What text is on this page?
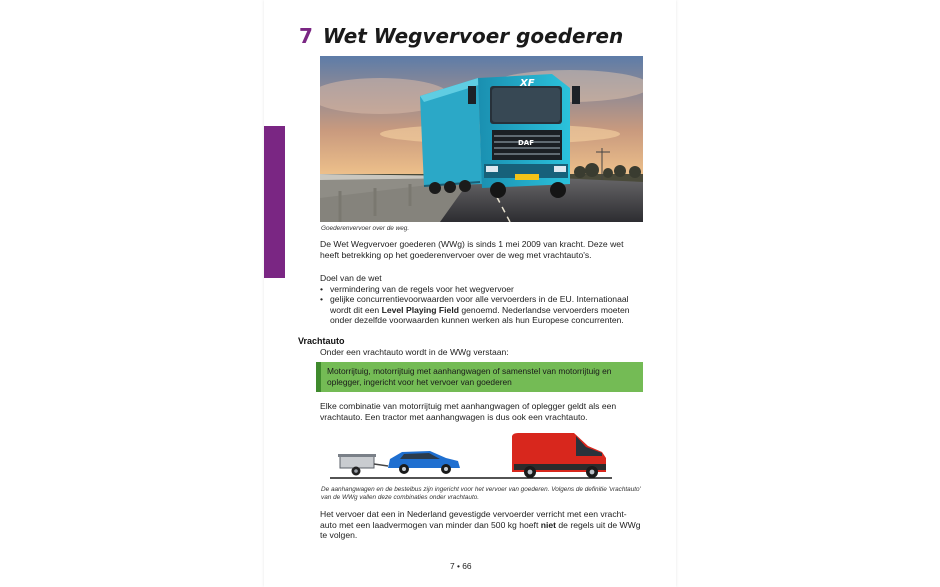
7 Wet Wegvervoer goederen
XF
DAF
Goederenvervoer over de weg.
De Wet Wegvervoer goederen (WWg) is sinds 1 mei 2009 van kracht. Deze wet heeft betrekking op het goederenvervoer over de weg met vrachtauto's.
Doel van de wet
• vermindering van de regels voor het wegvervoer
• gelijke concurrentievoorwaarden voor alle vervoerders in de EU. Internationaal wordt dit een Level Playing Field genoemd. Nederlandse vervoerders moeten onder dezelfde voorwaarden kunnen werken als hun Europese concurrenten.
Vrachtauto
Onder een vrachtauto wordt in de WWg verstaan:
Motorrijtuig, motorrijtuig met aanhangwagen of samenstel van motorrijtuig en oplegger, ingericht voor het vervoer van goederen
Elke combinatie van motorrijtuig met aanhangwagen of oplegger geldt als een vrachtauto. Een tractor met aanhangwagen is dus ook een vrachtauto.
De aanhangwagen en de bestelbus zijn ingericht voor het vervoer van goederen. Volgens de definitie 'vrachtauto' van de WWg vallen deze combinaties onder vrachtauto.
Het vervoer dat een in Nederland gevestigde vervoerder verricht met een vracht-auto met een laadvermogen van minder dan 500 kg hoeft niet de regels uit de WWg te volgen.
7 • 66
